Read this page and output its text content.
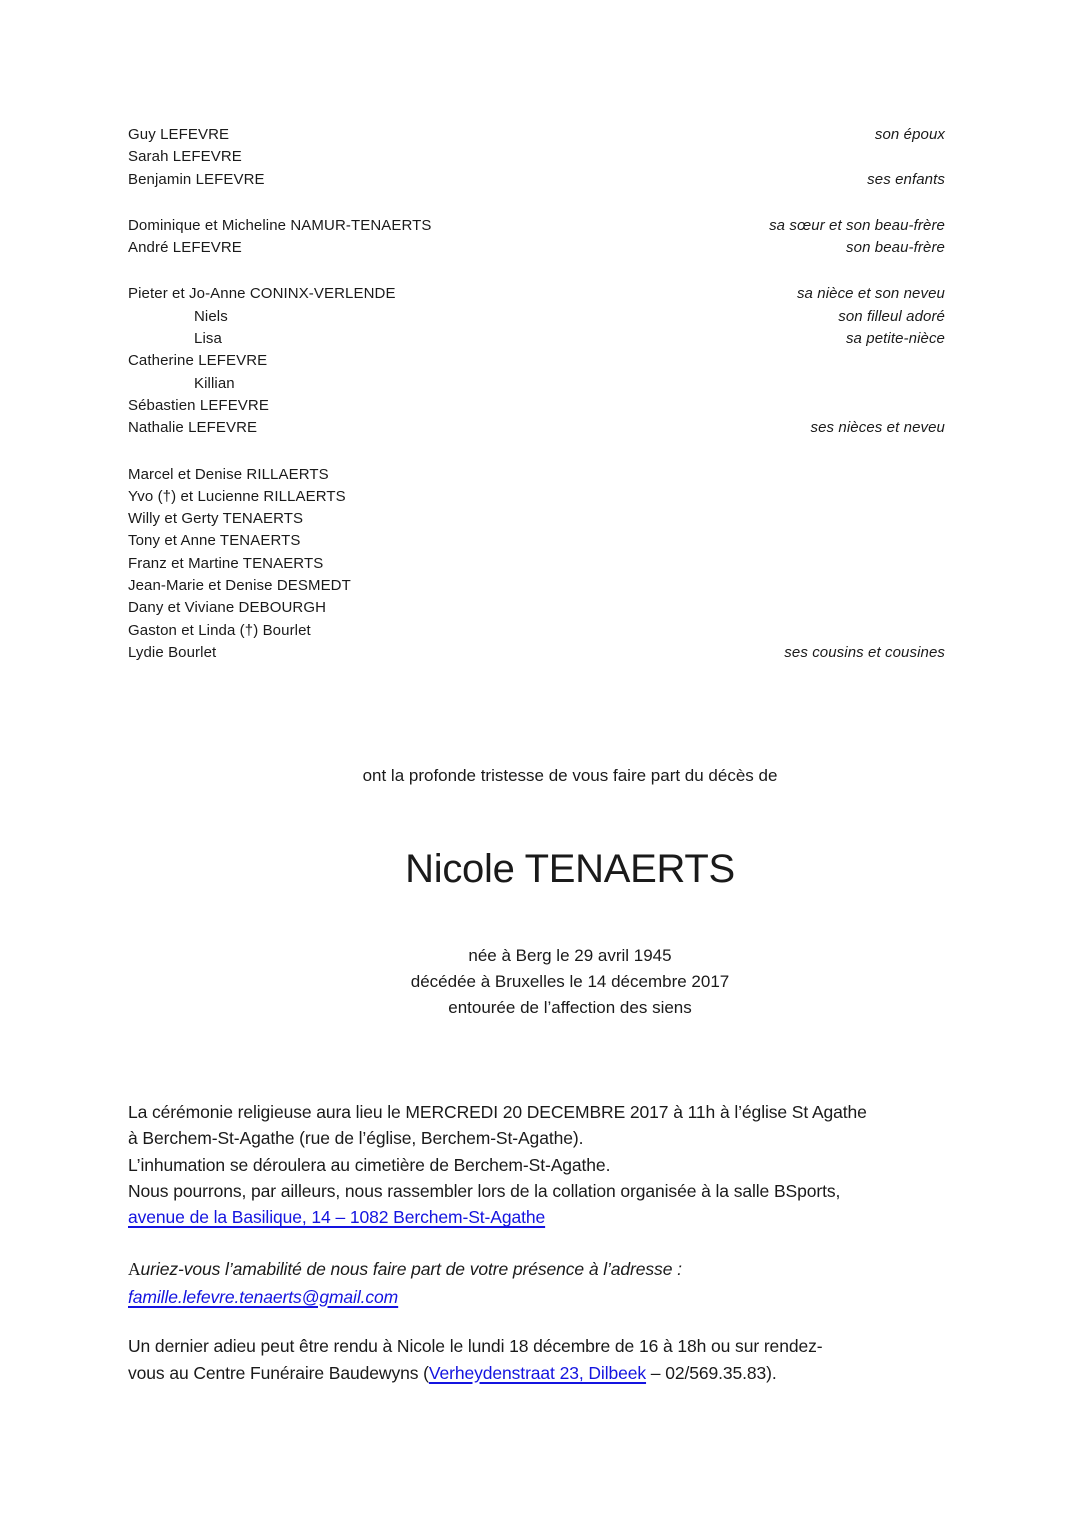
Guy LEFEVRE	son époux
Sarah LEFEVRE
Benjamin LEFEVRE	ses enfants
Dominique et Micheline NAMUR-TENAERTS	sa sœur et son beau-frère
André LEFEVRE	son beau-frère
Pieter et Jo-Anne CONINX-VERLENDE	sa nièce et son neveu
Niels	son filleul adoré
Lisa	sa petite-nièce
Catherine LEFEVRE
Killian
Sébastien LEFEVRE
Nathalie LEFEVRE	ses nièces et neveu
Marcel et Denise RILLAERTS
Yvo (†) et Lucienne RILLAERTS
Willy et Gerty TENAERTS
Tony et Anne TENAERTS
Franz et Martine TENAERTS
Jean-Marie et Denise DESMEDT
Dany et Viviane DEBOURGH
Gaston et Linda (†) Bourlet
Lydie Bourlet	ses cousins et cousines
ont la profonde tristesse de vous faire part du décès de
Nicole TENAERTS
née à Berg le 29 avril 1945
décédée à Bruxelles le 14 décembre 2017
entourée de l’affection des siens
La cérémonie religieuse aura lieu le MERCREDI 20 DECEMBRE 2017 à 11h à l’église St Agathe
à Berchem-St-Agathe (rue de l’église, Berchem-St-Agathe).
L’inhumation se déroulera au cimetière de Berchem-St-Agathe.
Nous pourrons, par ailleurs, nous rassembler lors de la collation organisée à la salle BSports,
avenue de la Basilique, 14 – 1082 Berchem-St-Agathe
Auriez-vous l’amabilité de nous faire part de votre présence à l’adresse :
famille.lefevre.tenaerts@gmail.com
Un dernier adieu peut être rendu à Nicole le lundi 18 décembre de 16 à 18h ou sur rendez-
vous au Centre Funéraire Baudewyns (Verheydenstraat 23, Dilbeek – 02/569.35.83).
